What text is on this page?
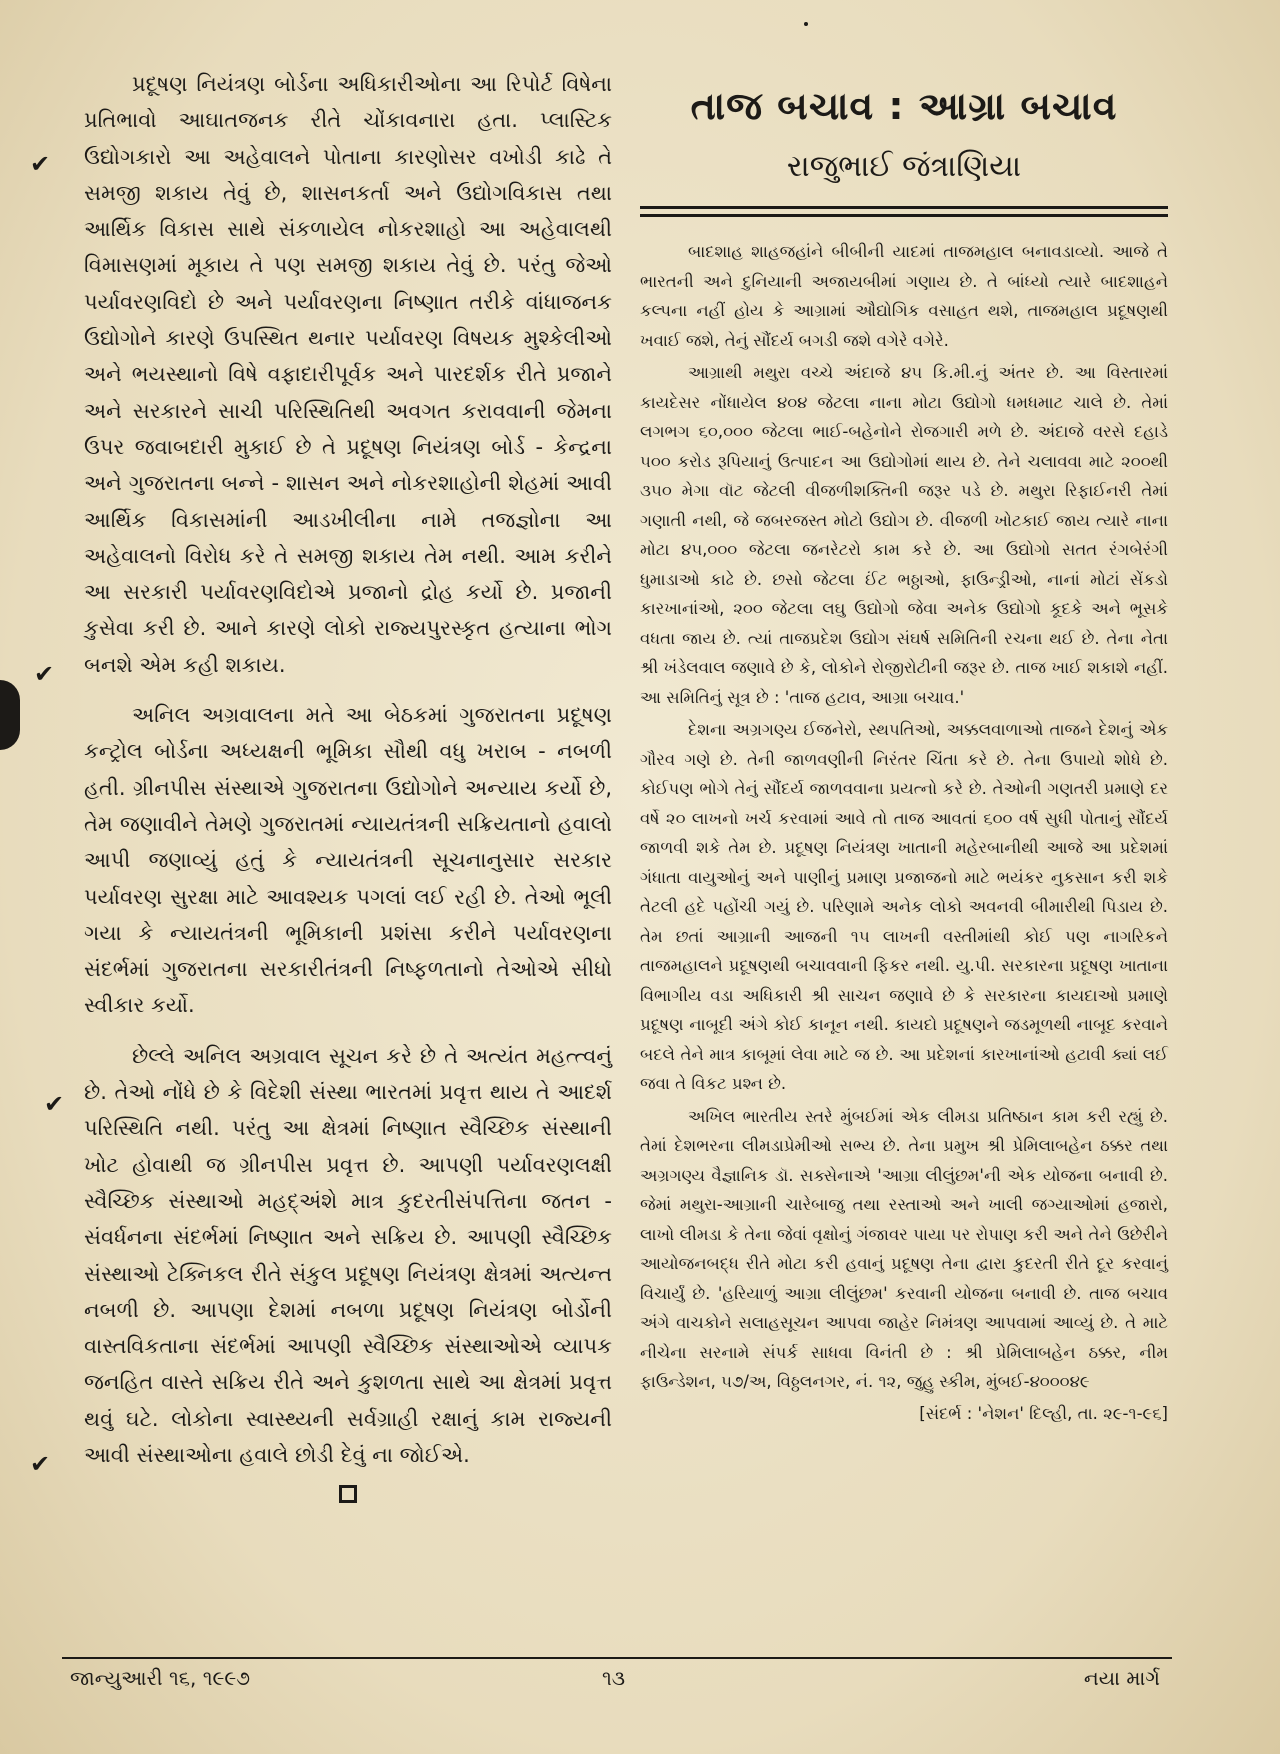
✔
✔
✔
✔

પ્રદૂષણ નિયંત્રણ બોર્ડના અધિકારીઓના આ રિપોર્ટ વિષેના પ્રતિભાવો આઘાતજનક રીતે ચોંકાવનારા હતા. પ્લાસ્ટિક ઉદ્યોગકારો આ અહેવાલને પોતાના કારણોસર વખોડી કાઢે તે સમજી શકાય તેવું છે, શાસનકર્તા અને ઉદ્યોગવિકાસ તથા આર્થિક વિકાસ સાથે સંકળાયેલ નોકરશાહો આ અહેવાલથી વિમાસણમાં મૂકાય તે પણ સમજી શકાય તેવું છે. પરંતુ જેઓ પર્યાવરણવિદો છે અને પર્યાવરણના નિષ્ણાત તરીકે વાંધાજનક ઉદ્યોગોને કારણે ઉપસ્થિત થનાર પર્યાવરણ વિષયક મુશ્કેલીઓ અને ભયસ્થાનો વિષે વફાદારીપૂર્વક અને પારદર્શક રીતે પ્રજાને અને સરકારને સાચી પરિસ્થિતિથી અવગત કરાવવાની જેમના ઉપર જવાબદારી મુકાઈ છે તે પ્રદૂષણ નિયંત્રણ બોર્ડ - કેન્દ્રના અને ગુજરાતના બન્ને - શાસન અને નોકરશાહોની શેહમાં આવી આર્થિક વિકાસમાંની આડખીલીના નામે તજજ્ઞોના આ અહેવાલનો વિરોધ કરે તે સમજી શકાય તેમ નથી. આમ કરીને આ સરકારી પર્યાવરણવિદોએ પ્રજાનો દ્રોહ કર્યો છે. પ્રજાની કુસેવા કરી છે. આને કારણે લોકો રાજ્યપુરસ્કૃત હત્યાના ભોગ બનશે એમ કહી શકાય.

અનિલ અગ્રવાલના મતે આ બેઠકમાં ગુજરાતના પ્રદૂષણ કન્ટ્રોલ બોર્ડના અધ્યક્ષની ભૂમિકા સૌથી વધુ ખરાબ - નબળી હતી. ગ્રીનપીસ સંસ્થાએ ગુજરાતના ઉદ્યોગોને અન્યાય કર્યો છે, તેમ જણાવીને તેમણે ગુજરાતમાં ન્યાયતંત્રની સક્રિયતાનો હવાલો આપી જણાવ્યું હતું કે ન્યાયતંત્રની સૂચનાનુસાર સરકાર પર્યાવરણ સુરક્ષા માટે આવશ્યક પગલાં લઈ રહી છે. તેઓ ભૂલી ગયા કે ન્યાયતંત્રની ભૂમિકાની પ્રશંસા કરીને પર્યાવરણના સંદર્ભમાં ગુજરાતના સરકારીતંત્રની નિષ્ફળતાનો તેઓએ સીધો સ્વીકાર કર્યો.

છેલ્લે અનિલ અગ્રવાલ સૂચન કરે છે તે અત્યંત મહત્ત્વનું છે. તેઓ નોંધે છે કે વિદેશી સંસ્થા ભારતમાં પ્રવૃત્ત થાય તે આદર્શ પરિસ્થિતિ નથી. પરંતુ આ ક્ષેત્રમાં નિષ્ણાત સ્વૈચ્છિક સંસ્થાની ખોટ હોવાથી જ ગ્રીનપીસ પ્રવૃત્ત છે. આપણી પર્યાવરણલક્ષી સ્વૈચ્છિક સંસ્થાઓ મહદ્અંશે માત્ર કુદરતીસંપત્તિના જતન - સંવર્ધનના સંદર્ભમાં નિષ્ણાત અને સક્રિય છે. આપણી સ્વૈચ્છિક સંસ્થાઓ ટેક્નિકલ રીતે સંકુલ પ્રદૂષણ નિયંત્રણ ક્ષેત્રમાં અત્યન્ત નબળી છે. આપણા દેશમાં નબળા પ્રદૂષણ નિયંત્રણ બોર્ડોની વાસ્તવિકતાના સંદર્ભમાં આપણી સ્વૈચ્છિક સંસ્થાઓએ વ્યાપક જનહિત વાસ્તે સક્રિય રીતે અને કુશળતા સાથે આ ક્ષેત્રમાં પ્રવૃત્ત થવું ઘટે. લોકોના સ્વાસ્થ્યની સર્વગ્રાહી રક્ષાનું કામ રાજ્યની આવી સંસ્થાઓના હવાલે છોડી દેવું ના જોઈએ.

તાજ બચાવ : આગ્રા બચાવ
રાજુભાઈ જંત્રાણિયા

બાદશાહ શાહજહાંને બીબીની યાદમાં તાજમહાલ બનાવડાવ્યો. આજે તે ભારતની અને દુનિયાની અજાયબીમાં ગણાય છે. તે બાંધ્યો ત્યારે બાદશાહને કલ્પના નહીં હોય કે આગ્રામાં ઔદ્યોગિક વસાહત થશે, તાજમહાલ પ્રદૂષણથી ખવાઈ જશે, તેનું સૌંદર્ય બગડી જશે વગેરે વગેરે.

આગ્રાથી મથુરા વચ્ચે અંદાજે ૪૫ કિ.મી.નું અંતર છે. આ વિસ્તારમાં કાયદેસર નોંધાયેલ ૪૦૪ જેટલા નાના મોટા ઉદ્યોગો ધમધમાટ ચાલે છે. તેમાં લગભગ ૬૦,૦૦૦ જેટલા ભાઈ-બહેનોને રોજગારી મળે છે. અંદાજે વરસે દહાડે ૫૦૦ કરોડ રૂપિયાનું ઉત્પાદન આ ઉદ્યોગોમાં થાય છે. તેને ચલાવવા માટે ૨૦૦થી ૩૫૦ મેગા વૉટ જેટલી વીજળીશક્તિની જરૂર પડે છે. મથુરા રિફાઈનરી તેમાં ગણાતી નથી, જે જબરજસ્ત મોટો ઉદ્યોગ છે. વીજળી ખોટકાઈ જાય ત્યારે નાના મોટા ૪૫,૦૦૦ જેટલા જનરેટરો કામ કરે છે. આ ઉદ્યોગો સતત રંગબેરંગી ધુમાડાઓ કાઢે છે. છસો જેટલા ઈંટ ભઠ્ઠાઓ, ફાઉન્ડ્રીઓ, નાનાં મોટાં સેંકડો કારખાનાંઓ, ૨૦૦ જેટલા લઘુ ઉદ્યોગો જેવા અનેક ઉદ્યોગો કૂદકે અને ભૂસકે વધતા જાય છે. ત્યાં તાજપ્રદેશ ઉદ્યોગ સંઘર્ષ સમિતિની રચના થઈ છે. તેના નેતા શ્રી ખંડેલવાલ જણાવે છે કે, લોકોને રોજીરોટીની જરૂર છે. તાજ ખાઈ શકાશે નહીં. આ સમિતિનું સૂત્ર છે : 'તાજ હટાવ, આગ્રા બચાવ.'

દેશના અગ્રગણ્ય ઈજનેરો, સ્થપતિઓ, અક્કલવાળાઓ તાજને દેશનું એક ગૌરવ ગણે છે. તેની જાળવણીની નિરંતર ચિંતા કરે છે. તેના ઉપાયો શોધે છે. કોઈપણ ભોગે તેનું સૌંદર્ય જાળવવાના પ્રયત્નો કરે છે. તેઓની ગણતરી પ્રમાણે દર વર્ષે ૨૦ લાખનો ખર્ચ કરવામાં આવે તો તાજ આવતાં ૬૦૦ વર્ષ સુધી પોતાનું સૌંદર્ય જાળવી શકે તેમ છે. પ્રદૂષણ નિયંત્રણ ખાતાની મહેરબાનીથી આજે આ પ્રદેશમાં ગંધાતા વાયુઓનું અને પાણીનું પ્રમાણ પ્રજાજનો માટે ભયંકર નુકસાન કરી શકે તેટલી હદે પહોંચી ગયું છે. પરિણામે અનેક લોકો અવનવી બીમારીથી પિડાય છે. તેમ છતાં આગ્રાની આજની ૧૫ લાખની વસ્તીમાંથી કોઈ પણ નાગરિકને તાજમહાલને પ્રદૂષણથી બચાવવાની ફિકર નથી. યુ.પી. સરકારના પ્રદૂષણ ખાતાના વિભાગીય વડા અધિકારી શ્રી સાચન જણાવે છે કે સરકારના કાયદાઓ પ્રમાણે પ્રદૂષણ નાબૂદી અંગે કોઈ કાનૂન નથી. કાયદો પ્રદૂષણને જડમૂળથી નાબૂદ કરવાને બદલે તેને માત્ર કાબૂમાં લેવા માટે જ છે. આ પ્રદેશનાં કારખાનાંઓ હટાવી ક્યાં લઈ જવા તે વિકટ પ્રશ્ન છે.

અખિલ ભારતીય સ્તરે મુંબઈમાં એક લીમડા પ્રતિષ્ઠાન કામ કરી રહ્યું છે. તેમાં દેશભરના લીમડાપ્રેમીઓ સભ્ય છે. તેના પ્રમુખ શ્રી પ્રેમિલાબહેન ઠક્કર તથા અગ્રગણ્ય વૈજ્ઞાનિક ડૉ. સક્સેનાએ 'આગ્રા લીલુંછમ'ની એક યોજના બનાવી છે. જેમાં મથુરા-આગ્રાની ચારેબાજુ તથા રસ્તાઓ અને ખાલી જગ્યાઓમાં હજારો, લાખો લીમડા કે તેના જેવાં વૃક્ષોનું ગંજાવર પાયા પર રોપાણ કરી અને તેને ઉછેરીને આયોજનબદ્ધ રીતે મોટા કરી હવાનું પ્રદૂષણ તેના દ્વારા કુદરતી રીતે દૂર કરવાનું વિચાર્યું છે. 'હરિયાળું આગ્રા લીલુંછમ' કરવાની યોજના બનાવી છે. તાજ બચાવ અંગે વાચકોને સલાહસૂચન આપવા જાહેર નિમંત્રણ આપવામાં આવ્યું છે. તે માટે નીચેના સરનામે સંપર્ક સાધવા વિનંતી છે : શ્રી પ્રેમિલાબહેન ઠક્કર, નીમ ફાઉન્ડેશન, ૫૭/અ, વિઠ્ઠલનગર, નં. ૧૨, જુહુ સ્કીમ, મુંબઈ-૪૦૦૦૪૯

[સંદર્ભ : 'નેશન' દિલ્હી, તા. ૨૯-૧-૯૬]
જાન્યુઆરી ૧૬, ૧૯૯૭	૧૩	નયા માર્ગ
